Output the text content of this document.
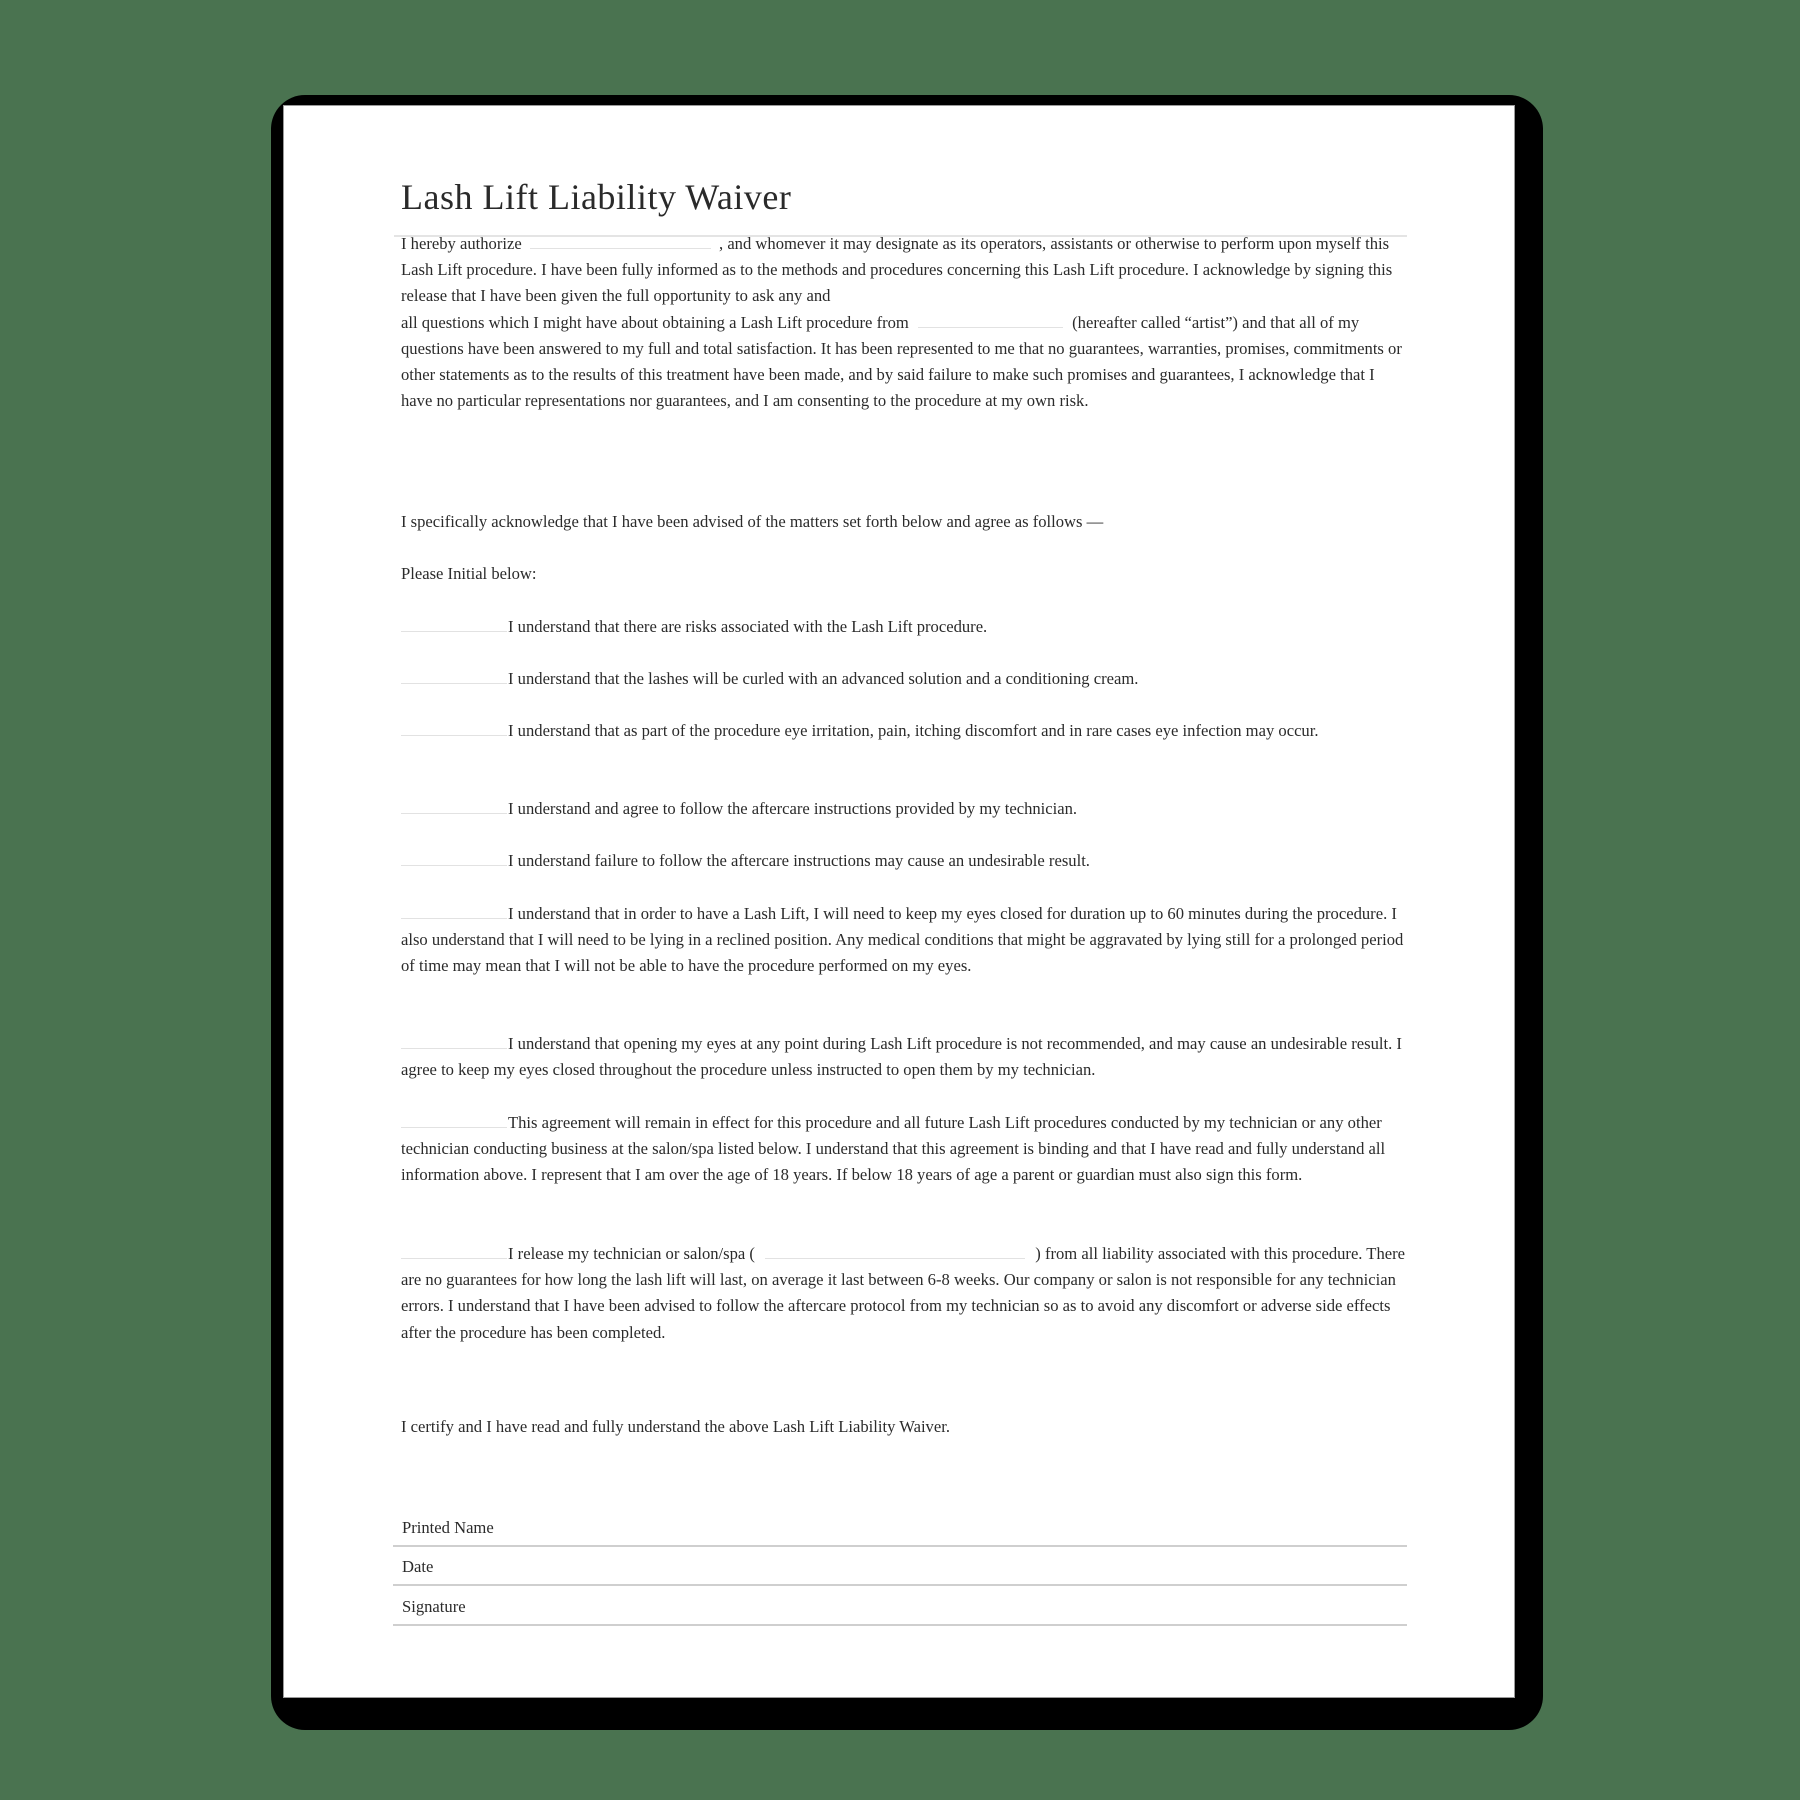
Lash Lift Liability Waiver

I hereby authorize	, and whomever it may designate as its operators, assistants or otherwise to perform upon myself this Lash Lift procedure. I have been fully informed as to the methods and procedures concerning this Lash Lift procedure. I acknowledge by signing this release that I have been given the full opportunity to ask any and
all questions which I might have about obtaining a Lash Lift procedure from	(hereafter called “artist”) and that all of my questions have been answered to my full and total satisfaction. It has been represented to me that no guarantees, warranties, promises, commitments or other statements as to the results of this treatment have been made, and by said failure to make such promises and guarantees, I acknowledge that I have no particular representations nor guarantees, and I am consenting to the procedure at my own risk.

I specifically acknowledge that I have been advised of the matters set forth below and agree as follows —

Please Initial below:

I understand that there are risks associated with the Lash Lift procedure.

I understand that the lashes will be curled with an advanced solution and a conditioning cream.

I understand that as part of the procedure eye irritation, pain, itching discomfort and in rare cases eye infection may occur.

I understand and agree to follow the aftercare instructions provided by my technician.

I understand failure to follow the aftercare instructions may cause an undesirable result.

I understand that in order to have a Lash Lift, I will need to keep my eyes closed for duration up to 60 minutes during the procedure. I also understand that I will need to be lying in a reclined position. Any medical conditions that might be aggravated by lying still for a prolonged period of time may mean that I will not be able to have the procedure performed on my eyes.

I understand that opening my eyes at any point during Lash Lift procedure is not recommended, and may cause an undesirable result. I agree to keep my eyes closed throughout the procedure unless instructed to open them by my technician.

This agreement will remain in effect for this procedure and all future Lash Lift procedures conducted by my technician or any other technician conducting business at the salon/spa listed below. I understand that this agreement is binding and that I have read and fully understand all information above. I represent that I am over the age of 18 years. If below 18 years of age a parent or guardian must also sign this form.

I release my technician or salon/spa (	) from all liability associated with this procedure. There are no guarantees for how long the lash lift will last, on average it last between 6-8 weeks. Our company or salon is not responsible for any technician errors. I understand that I have been advised to follow the aftercare protocol from my technician so as to avoid any discomfort or adverse side effects after the procedure has been completed.

I certify and I have read and fully understand the above Lash Lift Liability Waiver.

Printed Name
Date
Signature
